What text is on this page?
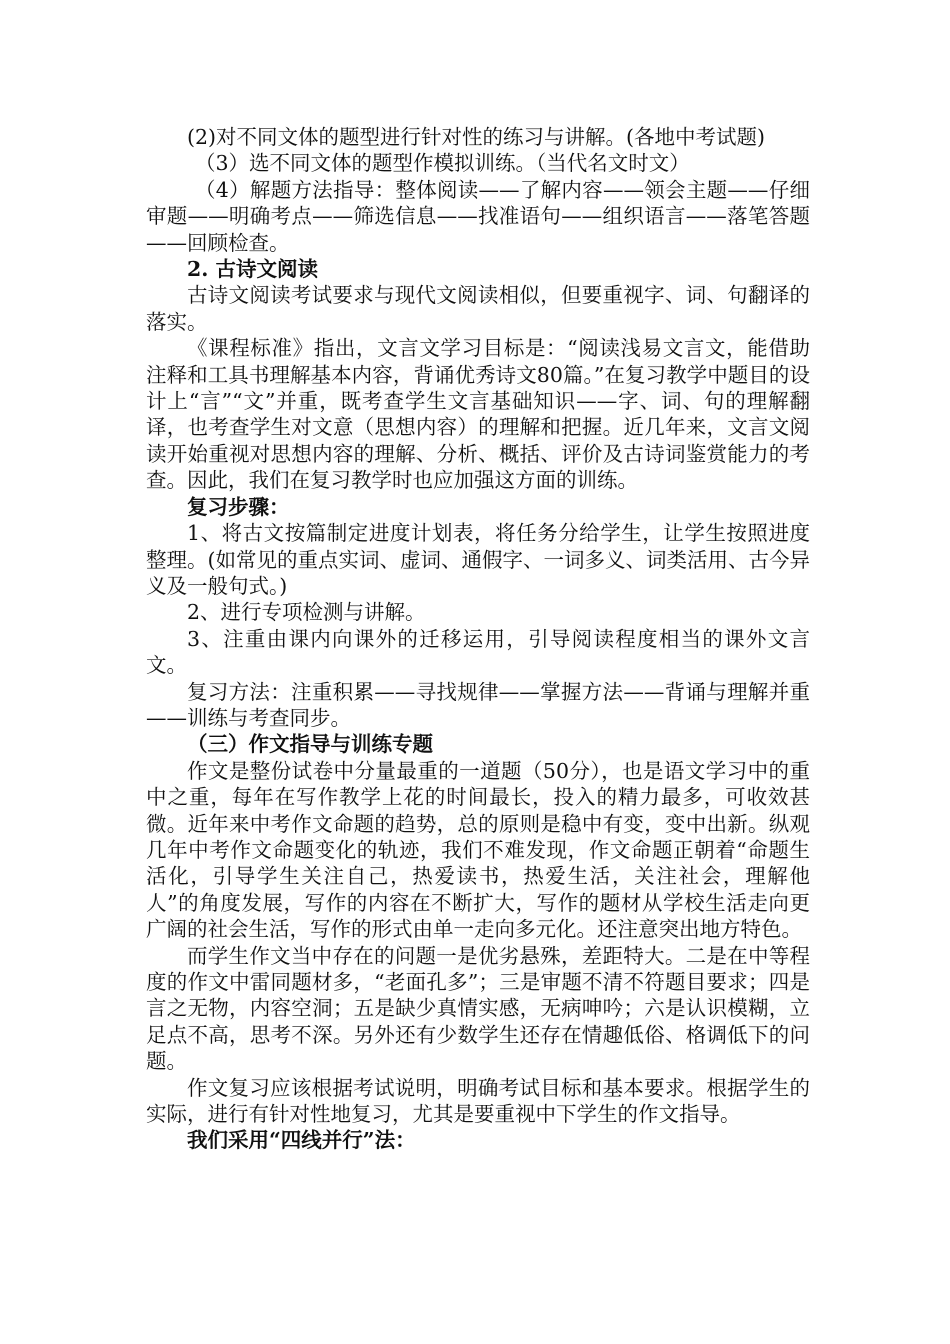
(2)对不同文体的题型进行针对性的练习与讲解。(各地中考试题)

（3）选不同文体的题型作模拟训练。（当代名文时文）

（4）解题方法指导：整体阅读——了解内容——领会主题——仔细审题——明确考点——筛选信息——找准语句——组织语言——落笔答题——回顾检查。

2. 古诗文阅读

古诗文阅读考试要求与现代文阅读相似，但要重视字、词、句翻译的落实。

《课程标准》指出，文言文学习目标是：“阅读浅易文言文，能借助注释和工具书理解基本内容，背诵优秀诗文80篇。”在复习教学中题目的设计上“言”“文”并重，既考查学生文言基础知识——字、词、句的理解翻译，也考查学生对文意（思想内容）的理解和把握。近几年来，文言文阅读开始重视对思想内容的理解、分析、概括、评价及古诗词鉴赏能力的考查。因此，我们在复习教学时也应加强这方面的训练。

复习步骤：

1、将古文按篇制定进度计划表，将任务分给学生，让学生按照进度整理。(如常见的重点实词、虚词、通假字、一词多义、词类活用、古今异义及一般句式。)

2、进行专项检测与讲解。

3、注重由课内向课外的迁移运用，引导阅读程度相当的课外文言文。

复习方法：注重积累——寻找规律——掌握方法——背诵与理解并重——训练与考查同步。

（三）作文指导与训练专题

作文是整份试卷中分量最重的一道题（50分），也是语文学习中的重中之重，每年在写作教学上花的时间最长，投入的精力最多，可收效甚微。近年来中考作文命题的趋势，总的原则是稳中有变，变中出新。纵观几年中考作文命题变化的轨迹，我们不难发现，作文命题正朝着“命题生活化，引导学生关注自己，热爱读书，热爱生活，关注社会，理解他人”的角度发展，写作的内容在不断扩大，写作的题材从学校生活走向更广阔的社会生活，写作的形式由单一走向多元化。还注意突出地方特色。

而学生作文当中存在的问题一是优劣悬殊，差距特大。二是在中等程度的作文中雷同题材多，“老面孔多”；三是审题不清不符题目要求；四是言之无物，内容空洞；五是缺少真情实感，无病呻吟；六是认识模糊，立足点不高，思考不深。另外还有少数学生还存在情趣低俗、格调低下的问题。

作文复习应该根据考试说明，明确考试目标和基本要求。根据学生的实际，进行有针对性地复习，尤其是要重视中下学生的作文指导。

我们采用“四线并行”法：
